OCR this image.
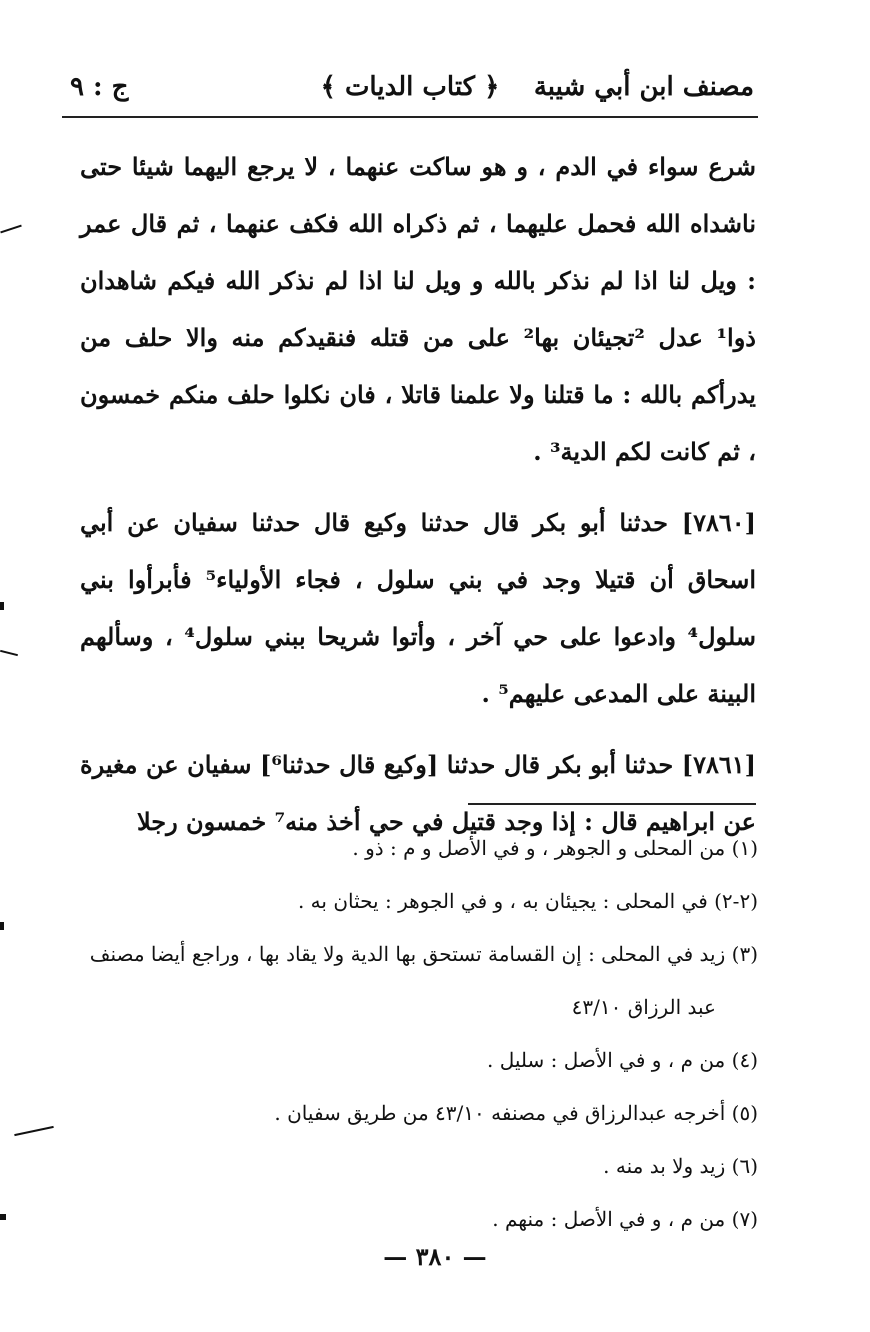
مصنف ابن أبي شيبة
﴿ كتاب الديات ﴾
ج : ٩

شرع سواء في الدم ، و هو ساكت عنهما ، لا يرجع اليهما شيئا حتى ناشداه الله فحمل عليهما ، ثم ذكراه الله فكف عنهما ، ثم قال عمر : ويل لنا اذا لم نذكر بالله و ويل لنا اذا لم نذكر الله فيكم شاهدان ذوا¹ عدل ²تجيئان بها² على من قتله فنقيدكم منه والا حلف من يدرأكم بالله : ما قتلنا ولا علمنا قاتلا ، فان نكلوا حلف منكم خمسون ، ثم كانت لكم الدية³ .

[٧٨٦٠] حدثنا أبو بكر قال حدثنا وكيع قال حدثنا سفيان عن أبي اسحاق أن قتيلا وجد في بني سلول ، فجاء الأولياء⁵ فأبرأوا بني سلول⁴ وادعوا على حي آخر ، وأتوا شريحا ببني سلول⁴ ، وسألهم البينة على المدعى عليهم⁵ .

[٧٨٦١] حدثنا أبو بكر قال حدثنا [وكيع قال حدثنا⁶] سفيان عن مغيرة عن ابراهيم قال : إذا وجد قتيل في حي أخذ منه⁷ خمسون رجلا

(١) من المحلى و الجوهر ، و في الأصل و م : ذو .

(٢-٢) في المحلى : يجيئان به ، و في الجوهر : يحثان به .

(٣) زيد في المحلى : إن القسامة تستحق بها الدية ولا يقاد بها ، وراجع أيضا مصنف

عبد الرزاق ٤٣/١٠

(٤) من م ، و في الأصل : سليل .

(٥) أخرجه عبدالرزاق في مصنفه ٤٣/١٠ من طريق سفيان .

(٦) زيد ولا بد منه .

(٧) من م ، و في الأصل : منهم .

— ٣٨٠ —
